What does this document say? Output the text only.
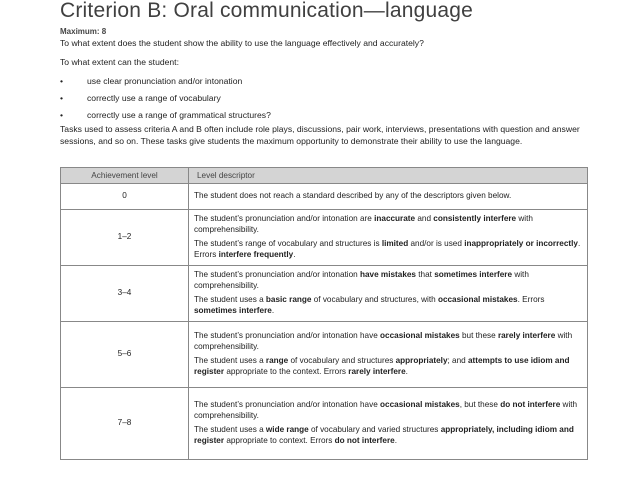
Criterion B: Oral communication—language
Maximum: 8
To what extent does the student show the ability to use the language effectively and accurately?
To what extent can the student:
•	use clear pronunciation and/or intonation
•	correctly use a range of vocabulary
•	correctly use a range of grammatical structures?
Tasks used to assess criteria A and B often include role plays, discussions, pair work, interviews, presentations with question and answer sessions, and so on. These tasks give students the maximum opportunity to demonstrate their ability to use the language.
Achievement level	Level descriptor
0	The student does not reach a standard described by any of the descriptors given below.

1–2	The student’s pronunciation and/or intonation are inaccurate and consistently interfere with comprehensibility.

The student’s range of vocabulary and structures is limited and/or is used inappropriately or incorrectly. Errors interfere frequently.

3–4	The student’s pronunciation and/or intonation have mistakes that sometimes interfere with comprehensibility.

The student uses a basic range of vocabulary and structures, with occasional mistakes. Errors sometimes interfere.

5–6	The student’s pronunciation and/or intonation have occasional mistakes but these rarely interfere with comprehensibility.

The student uses a range of vocabulary and structures appropriately; and attempts to use idiom and register appropriate to the context. Errors rarely interfere.

7–8	The student’s pronunciation and/or intonation have occasional mistakes, but these do not interfere with comprehensibility.

The student uses a wide range of vocabulary and varied structures appropriately, including idiom and register appropriate to context. Errors do not interfere.
